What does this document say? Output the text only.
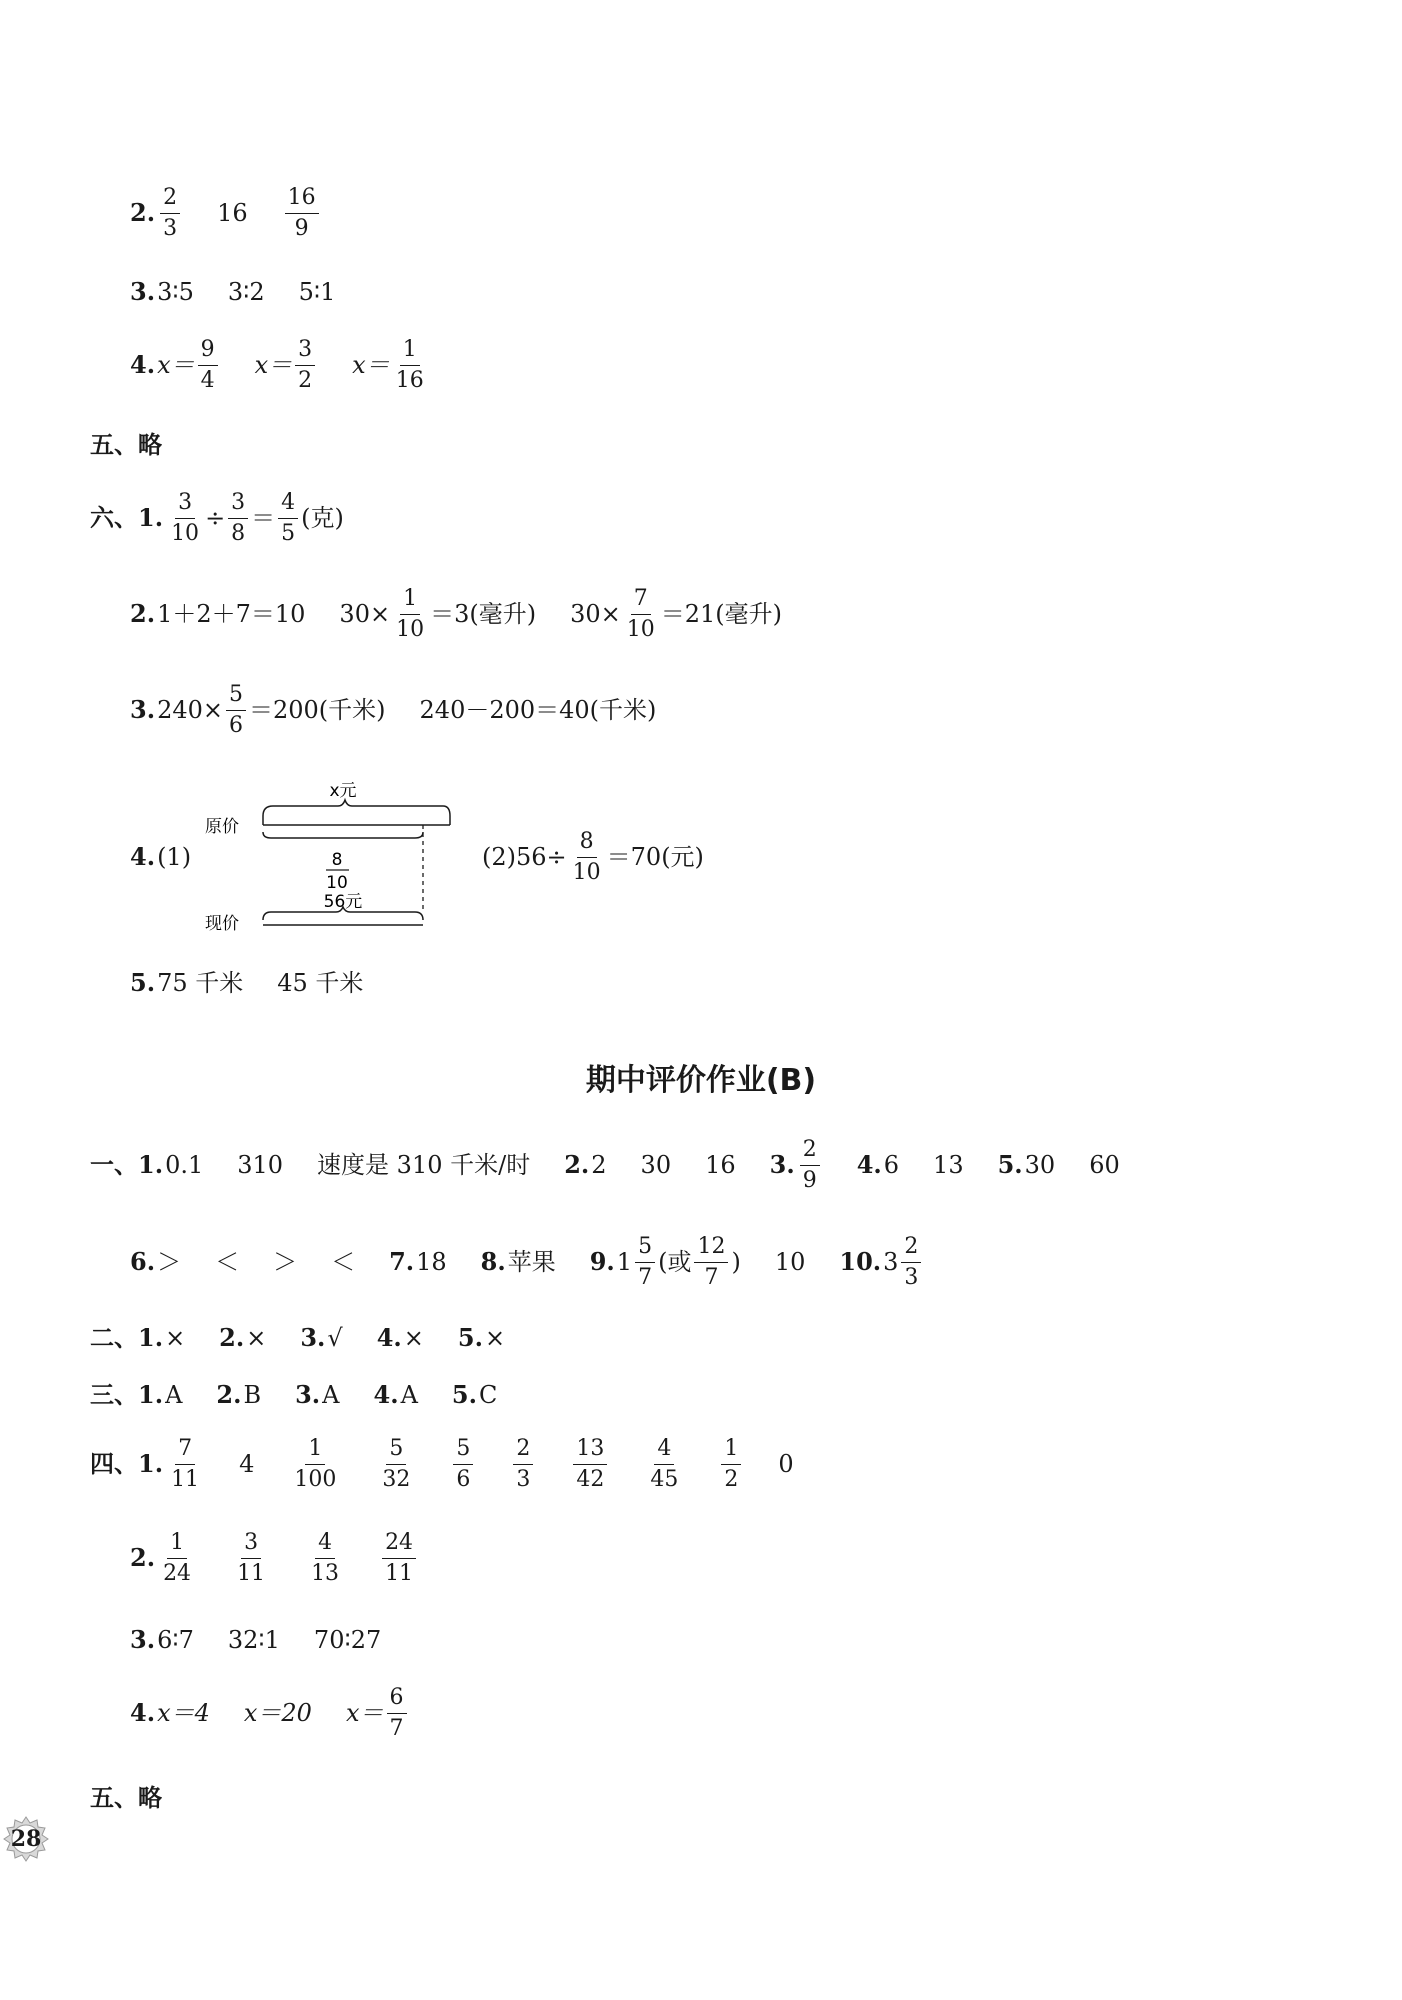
2. $\frac{2}{3} 16 \frac{16}{9}$
3. 3∶5 3∶2 5∶1
4. $x= \frac{9}{4} x= \frac{3}{2} x= \frac{1}{16}$
五、略
六、 1. $\frac{3}{10} \div \frac{3}{8} = \frac{4}{5}$ (克)
2. 1＋2＋7＝10 $30\times \frac{1}{10} =3$(毫升) $30\times \frac{7}{10} =21$(毫升)
3. $240\times \frac{5}{6} =200$(千米) 240－200＝40(千米)
4. (1)
x元
原价
8
10
56元
现价
$(2)56\div \frac{8}{10} =70$(元)
5. 75 千米 45 千米
期中评价作业(B)
一、 1. 0.1 310 速度是 310 千米/时 2. 2 30 16 3. $\frac{2}{9} 4$. 6 13 5. 30 60
6. ＞ ＜ ＞ ＜ 7. 18 8. 苹果 9. $1 \frac{5}{7}$ (或 $\frac{12}{7}$ ) 10 10. $3 \frac{2}{3}$
二、 1. × 2. × 3. √ 4. × 5. ×
三、 1. A 2. B 3. A 4. A 5. C
四、 1. $\frac{7}{11} 4 \frac{1}{100} \frac{5}{32} \frac{5}{6} \frac{2}{3} \frac{13}{42} \frac{4}{45} \frac{1}{2} 0$
2. $\frac{1}{24} \frac{3}{11} \frac{4}{13} \frac{24}{11}$
3. 6∶7 32∶1 70∶27
4. x＝4 x＝20 $x= \frac{6}{7}$
五、略
28
